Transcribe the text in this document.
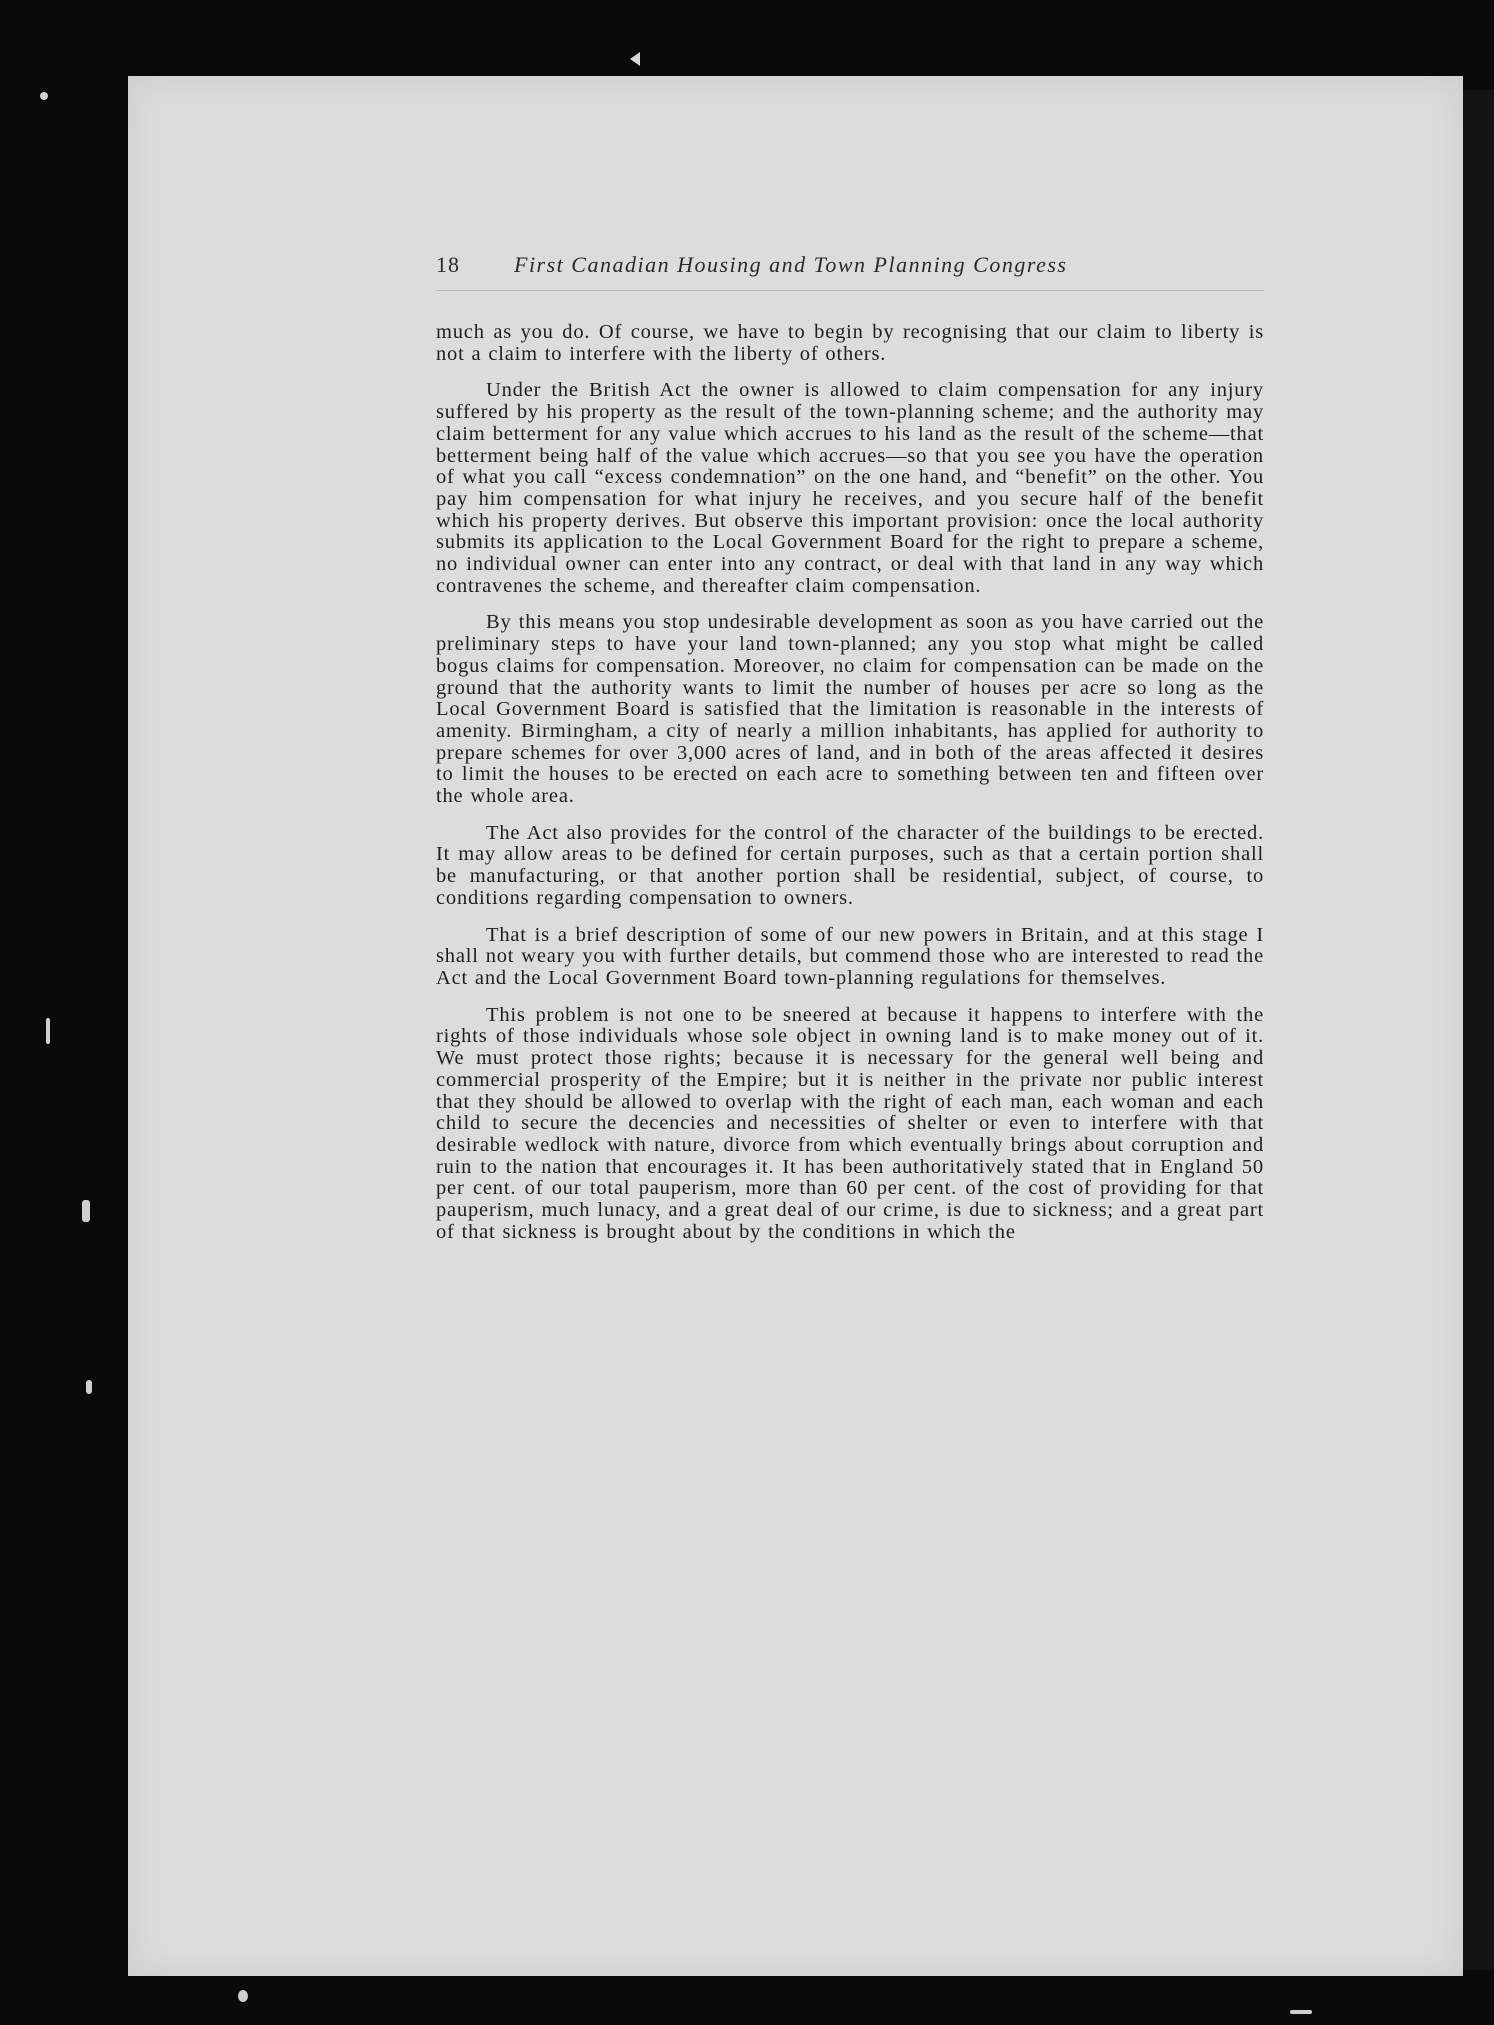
18 First Canadian Housing and Town Planning Congress

much as you do. Of course, we have to begin by recognising that our claim to liberty is not a claim to interfere with the liberty of others.

Under the British Act the owner is allowed to claim compensation for any injury suffered by his property as the result of the town-planning scheme; and the authority may claim betterment for any value which accrues to his land as the result of the scheme—that betterment being half of the value which accrues—so that you see you have the operation of what you call “excess condemnation” on the one hand, and “benefit” on the other. You pay him compensation for what injury he receives, and you secure half of the benefit which his property derives. But observe this important provision: once the local authority submits its application to the Local Government Board for the right to prepare a scheme, no individual owner can enter into any contract, or deal with that land in any way which contravenes the scheme, and thereafter claim compensation.

By this means you stop undesirable development as soon as you have carried out the preliminary steps to have your land town-planned; any you stop what might be called bogus claims for compensation. Moreover, no claim for compensation can be made on the ground that the authority wants to limit the number of houses per acre so long as the Local Government Board is satisfied that the limitation is reasonable in the interests of amenity. Birmingham, a city of nearly a million inhabitants, has applied for authority to prepare schemes for over 3,000 acres of land, and in both of the areas affected it desires to limit the houses to be erected on each acre to something between ten and fifteen over the whole area.

The Act also provides for the control of the character of the buildings to be erected. It may allow areas to be defined for certain purposes, such as that a certain portion shall be manufacturing, or that another portion shall be residential, subject, of course, to conditions regarding compensation to owners.

That is a brief description of some of our new powers in Britain, and at this stage I shall not weary you with further details, but commend those who are interested to read the Act and the Local Government Board town-planning regulations for themselves.

This problem is not one to be sneered at because it happens to interfere with the rights of those individuals whose sole object in owning land is to make money out of it. We must protect those rights; because it is necessary for the general well being and commercial prosperity of the Empire; but it is neither in the private nor public interest that they should be allowed to overlap with the right of each man, each woman and each child to secure the decencies and necessities of shelter or even to interfere with that desirable wedlock with nature, divorce from which eventually brings about corruption and ruin to the nation that encourages it. It has been authoritatively stated that in England 50 per cent. of our total pauperism, more than 60 per cent. of the cost of providing for that pauperism, much lunacy, and a great deal of our crime, is due to sickness; and a great part of that sickness is brought about by the conditions in which the
